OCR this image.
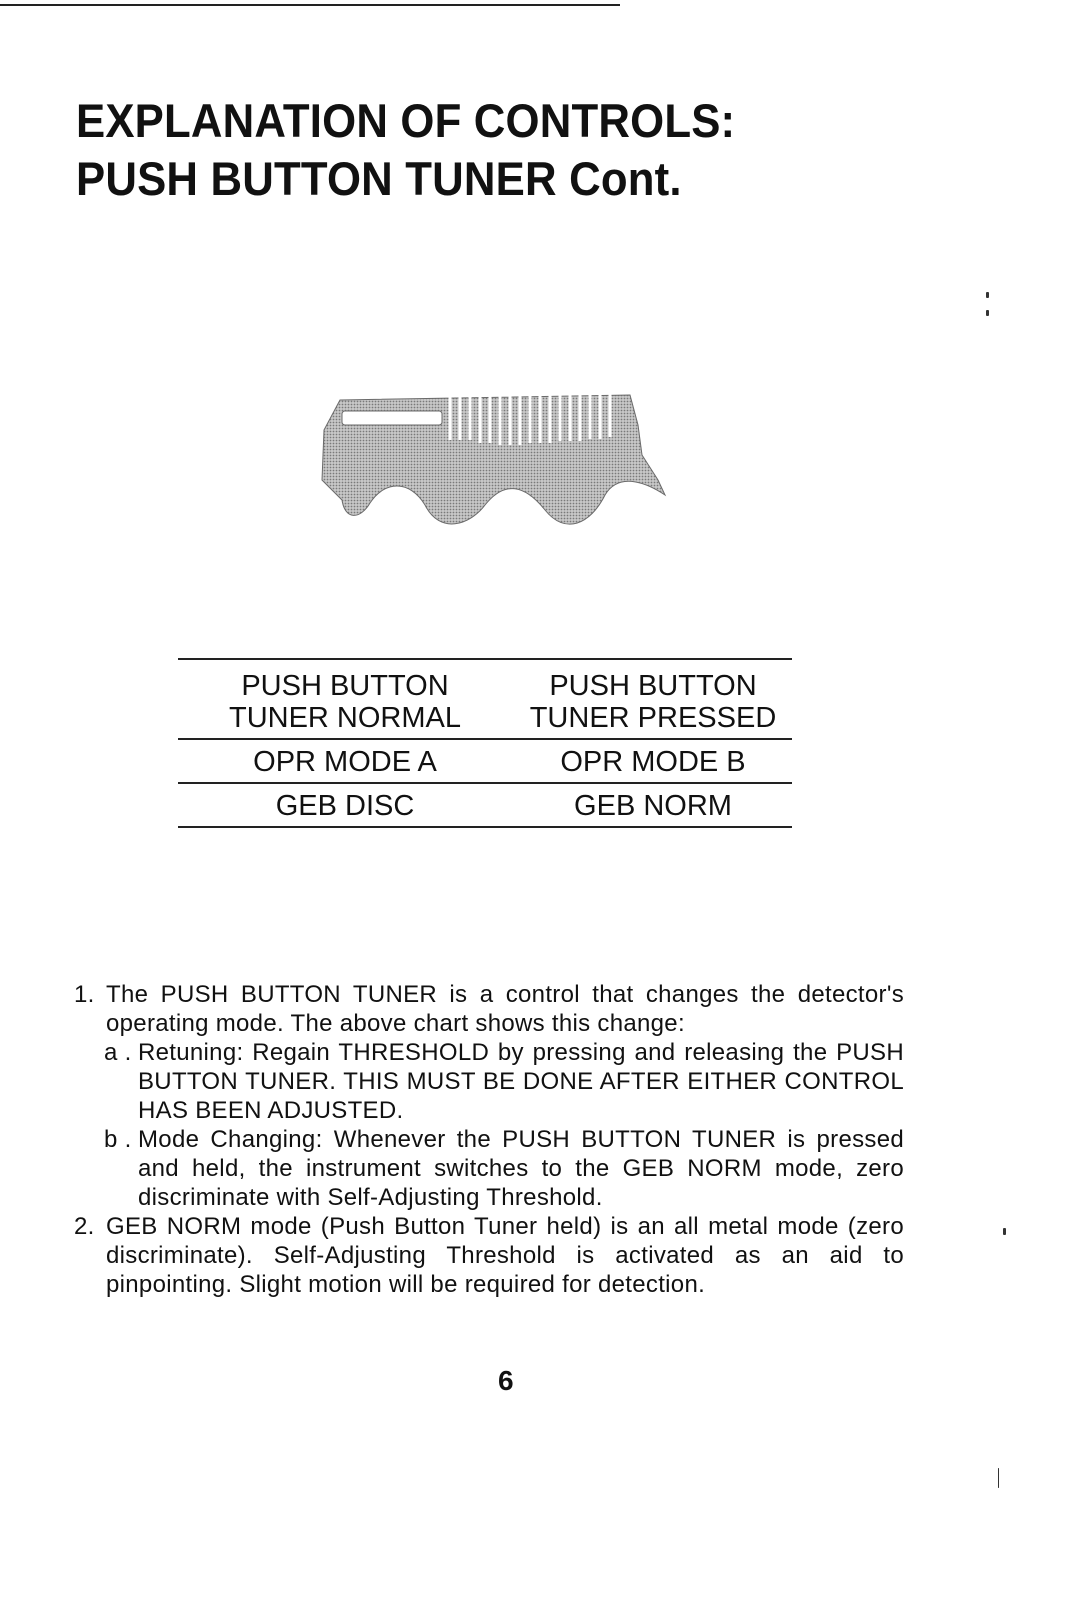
EXPLANATION OF CONTROLS:
PUSH BUTTON TUNER Cont.
PUSH BUTTON
TUNER NORMAL
PUSH BUTTON
TUNER PRESSED
OPR MODE A	OPR MODE B
GEB DISC	GEB NORM
1. The PUSH BUTTON TUNER is a control that changes the detector's operating mode. The above chart shows this change:
a . Retuning: Regain THRESHOLD by pressing and releasing the PUSH BUTTON TUNER. THIS MUST BE DONE AFTER EITHER CONTROL HAS BEEN ADJUSTED.
b . Mode Changing: Whenever the PUSH BUTTON TUNER is pressed and held, the instrument switches to the GEB NORM mode, zero discriminate with Self-Adjusting Threshold.
2. GEB NORM mode (Push Button Tuner held) is an all metal mode (zero discriminate). Self-Adjusting Threshold is activated as an aid to pinpointing. Slight motion will be required for detection.
6
